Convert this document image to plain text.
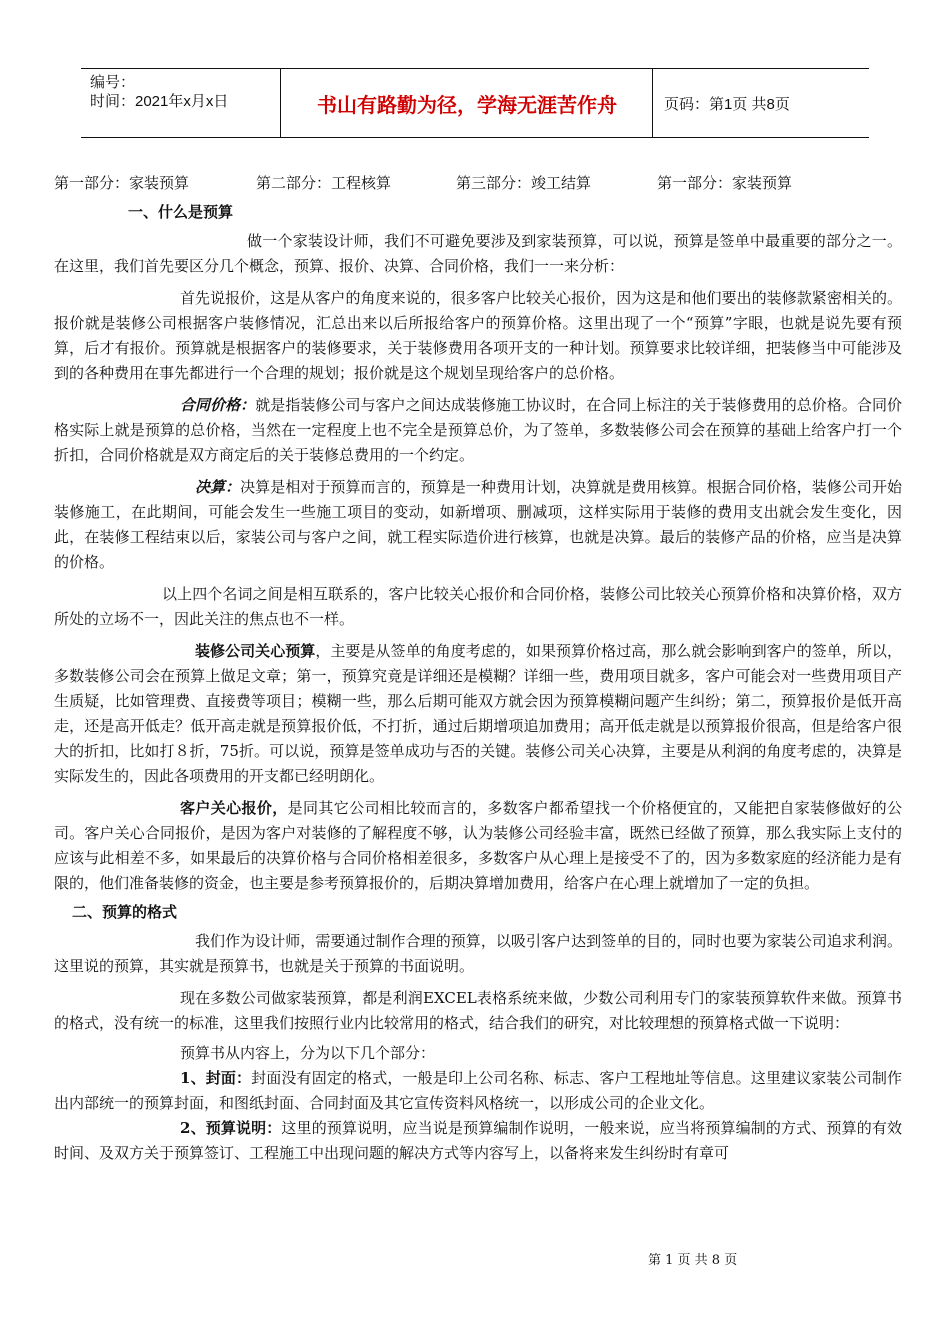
编号：
时间：2021年x月x日	书山有路勤为径，学海无涯苦作舟	页码：第1页 共8页
第一部分：家装预算	第二部分：工程核算	第三部分：竣工结算	第一部分：家装预算

一、什么是预算

做一个家装设计师，我们不可避免要涉及到家装预算，可以说，预算是签单中最重要的部分之一。在这里，我们首先要区分几个概念，预算、报价、决算、合同价格，我们一一来分析：

首先说报价，这是从客户的角度来说的，很多客户比较关心报价，因为这是和他们要出的装修款紧密相关的。报价就是装修公司根据客户装修情况，汇总出来以后所报给客户的预算价格。这里出现了一个“预算”字眼，也就是说先要有预算，后才有报价。预算就是根据客户的装修要求，关于装修费用各项开支的一种计划。预算要求比较详细，把装修当中可能涉及到的各种费用在事先都进行一个合理的规划；报价就是这个规划呈现给客户的总价格。

合同价格：就是指装修公司与客户之间达成装修施工协议时，在合同上标注的关于装修费用的总价格。合同价格实际上就是预算的总价格，当然在一定程度上也不完全是预算总价，为了签单，多数装修公司会在预算的基础上给客户打一个折扣，合同价格就是双方商定后的关于装修总费用的一个约定。

决算：决算是相对于预算而言的，预算是一种费用计划，决算就是费用核算。根据合同价格，装修公司开始装修施工，在此期间，可能会发生一些施工项目的变动，如新增项、删减项，这样实际用于装修的费用支出就会发生变化，因此，在装修工程结束以后，家装公司与客户之间，就工程实际造价进行核算，也就是决算。最后的装修产品的价格，应当是决算的价格。

以上四个名词之间是相互联系的，客户比较关心报价和合同价格，装修公司比较关心预算价格和决算价格，双方所处的立场不一，因此关注的焦点也不一样。

装修公司关心预算，主要是从签单的角度考虑的，如果预算价格过高，那么就会影响到客户的签单，所以，多数装修公司会在预算上做足文章；第一，预算究竟是详细还是模糊？详细一些，费用项目就多，客户可能会对一些费用项目产生质疑，比如管理费、直接费等项目；模糊一些，那么后期可能双方就会因为预算模糊问题产生纠纷；第二，预算报价是低开高走，还是高开低走？低开高走就是预算报价低，不打折，通过后期增项追加费用；高开低走就是以预算报价很高，但是给客户很大的折扣，比如打８折，75折。可以说，预算是签单成功与否的关键。装修公司关心决算，主要是从利润的角度考虑的，决算是实际发生的，因此各项费用的开支都已经明朗化。

客户关心报价，是同其它公司相比较而言的，多数客户都希望找一个价格便宜的，又能把自家装修做好的公司。客户关心合同报价，是因为客户对装修的了解程度不够，认为装修公司经验丰富，既然已经做了预算，那么我实际上支付的应该与此相差不多，如果最后的决算价格与合同价格相差很多，多数客户从心理上是接受不了的，因为多数家庭的经济能力是有限的，他们准备装修的资金，也主要是参考预算报价的，后期决算增加费用，给客户在心理上就增加了一定的负担。

二、预算的格式

我们作为设计师，需要通过制作合理的预算，以吸引客户达到签单的目的，同时也要为家装公司追求利润。这里说的预算，其实就是预算书，也就是关于预算的书面说明。

现在多数公司做家装预算，都是利润EXCEL表格系统来做，少数公司利用专门的家装预算软件来做。预算书的格式，没有统一的标准，这里我们按照行业内比较常用的格式，结合我们的研究，对比较理想的预算格式做一下说明：

预算书从内容上，分为以下几个部分：

1、封面：封面没有固定的格式，一般是印上公司名称、标志、客户工程地址等信息。这里建议家装公司制作出内部统一的预算封面，和图纸封面、合同封面及其它宣传资料风格统一，以形成公司的企业文化。

2、预算说明：这里的预算说明，应当说是预算编制作说明，一般来说，应当将预算编制的方式、预算的有效时间、及双方关于预算签订、工程施工中出现问题的解决方式等内容写上，以备将来发生纠纷时有章可

第 1 页 共 8 页
